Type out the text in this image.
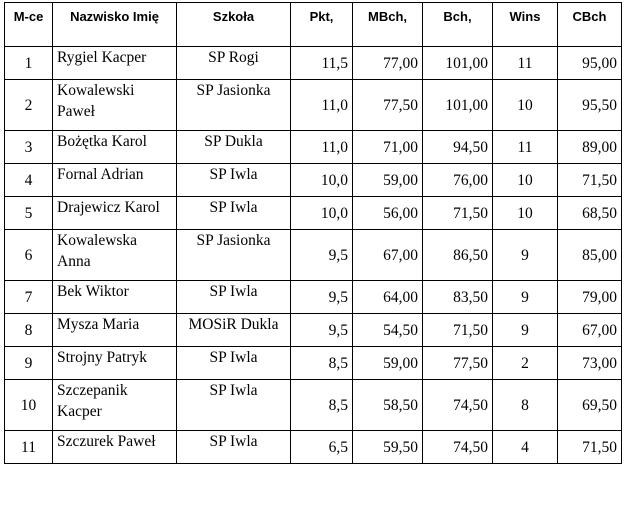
M-ce	Nazwisko Imię	Szkoła	Pkt,	MBch,	Bch,	Wins	CBch
1	Rygiel Kacper	SP Rogi	11,5	77,00	101,00	11	95,00
2	Kowalewski Paweł	SP Jasionka	11,0	77,50	101,00	10	95,50
3	Bożętka Karol	SP Dukla	11,0	71,00	94,50	11	89,00
4	Fornal Adrian	SP Iwla	10,0	59,00	76,00	10	71,50
5	Drajewicz Karol	SP Iwla	10,0	56,00	71,50	10	68,50
6	Kowalewska Anna	SP Jasionka	9,5	67,00	86,50	9	85,00
7	Bek Wiktor	SP Iwla	9,5	64,00	83,50	9	79,00
8	Mysza Maria	MOSiR Dukla	9,5	54,50	71,50	9	67,00
9	Strojny Patryk	SP Iwla	8,5	59,00	77,50	2	73,00
10	Szczepanik Kacper	SP Iwla	8,5	58,50	74,50	8	69,50
11	Szczurek Paweł	SP Iwla	6,5	59,50	74,50	4	71,50
